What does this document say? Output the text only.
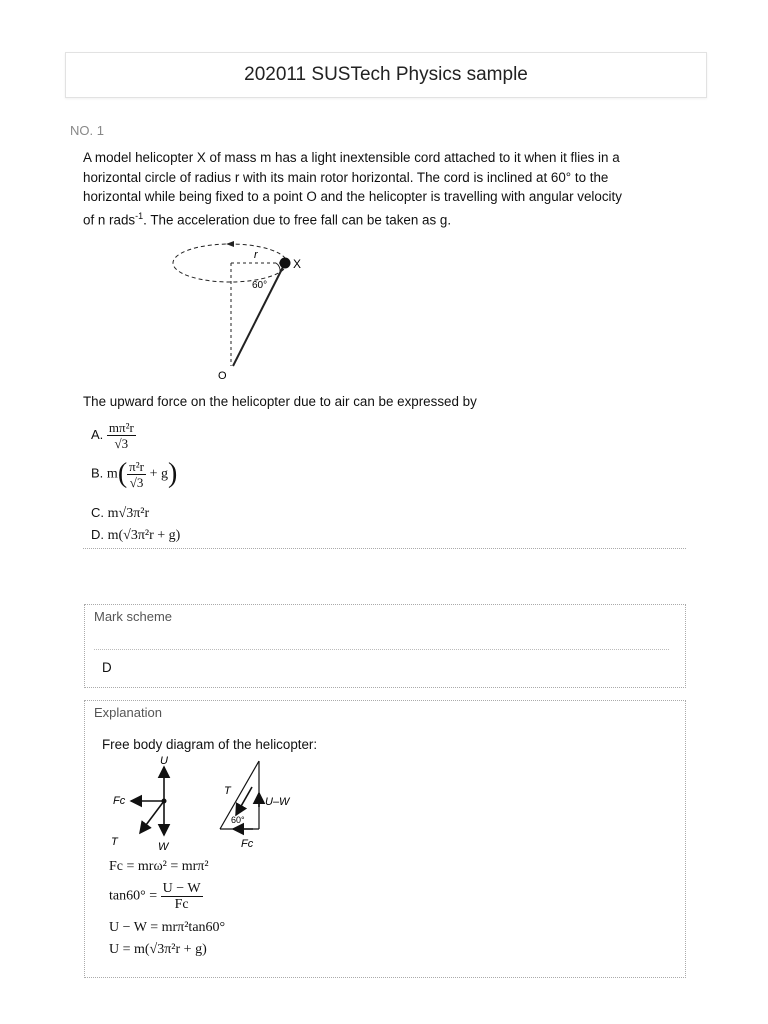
202011 SUSTech Physics sample
NO. 1
A model helicopter X of mass m has a light inextensible cord attached to it when it flies in a
horizontal circle of radius r with its main rotor horizontal. The cord is inclined at 60° to the
horizontal while being fixed to a point O and the helicopter is travelling with angular velocity
of n rads$^{-1}$. The acceleration due to free fall can be taken as g.
r
X
60°
O
The upward force on the helicopter due to air can be expressed by
A. $\frac{\text{mπ²r}}{√3}$
B. $m( \frac{\text{π²r}}{√3} + g)$
C. m√3π²r
D. m(√3π²r + g)
Mark scheme
D
Explanation
Free body diagram of the helicopter:
U
Fc
T	W
T
U–W
60°
Fc
Fc = mrω² = mrπ²
$\tan 60^\circ = \frac{U - W}{Fc}$
U − W = mrπ²tan60°
U = m(√3π²r + g)
